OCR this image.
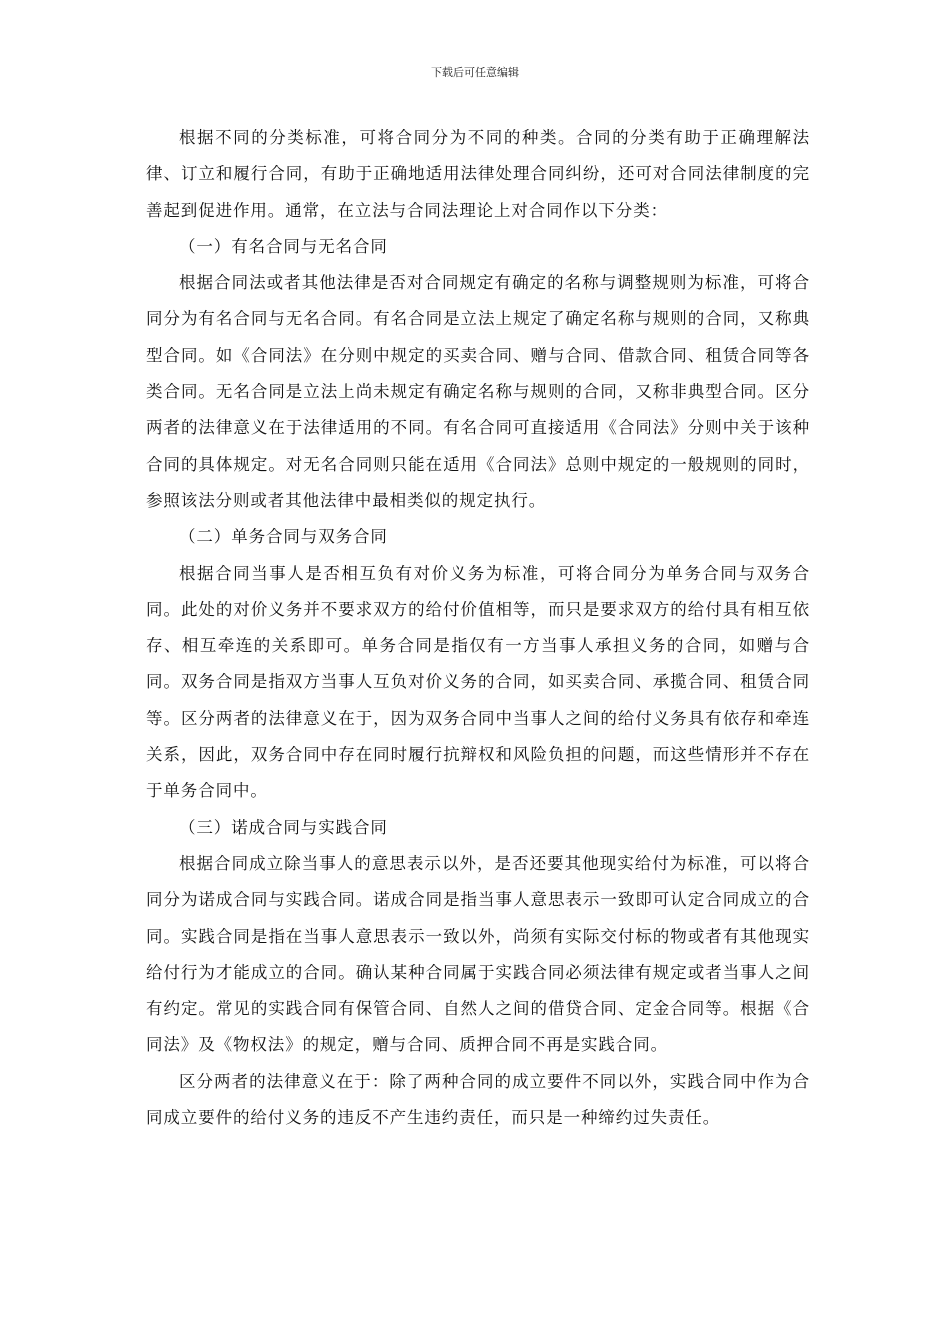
下载后可任意编辑

根据不同的分类标准，可将合同分为不同的种类。合同的分类有助于正确理解法律、订立和履行合同，有助于正确地适用法律处理合同纠纷，还可对合同法律制度的完善起到促进作用。通常，在立法与合同法理论上对合同作以下分类：

（一）有名合同与无名合同

根据合同法或者其他法律是否对合同规定有确定的名称与调整规则为标准，可将合同分为有名合同与无名合同。有名合同是立法上规定了确定名称与规则的合同，又称典型合同。如《合同法》在分则中规定的买卖合同、赠与合同、借款合同、租赁合同等各类合同。无名合同是立法上尚未规定有确定名称与规则的合同，又称非典型合同。区分两者的法律意义在于法律适用的不同。有名合同可直接适用《合同法》分则中关于该种合同的具体规定。对无名合同则只能在适用《合同法》总则中规定的一般规则的同时，参照该法分则或者其他法律中最相类似的规定执行。

（二）单务合同与双务合同

根据合同当事人是否相互负有对价义务为标准，可将合同分为单务合同与双务合同。此处的对价义务并不要求双方的给付价值相等，而只是要求双方的给付具有相互依存、相互牵连的关系即可。单务合同是指仅有一方当事人承担义务的合同，如赠与合同。双务合同是指双方当事人互负对价义务的合同，如买卖合同、承揽合同、租赁合同等。区分两者的法律意义在于，因为双务合同中当事人之间的给付义务具有依存和牵连关系，因此，双务合同中存在同时履行抗辩权和风险负担的问题，而这些情形并不存在于单务合同中。

（三）诺成合同与实践合同

根据合同成立除当事人的意思表示以外，是否还要其他现实给付为标准，可以将合同分为诺成合同与实践合同。诺成合同是指当事人意思表示一致即可认定合同成立的合同。实践合同是指在当事人意思表示一致以外，尚须有实际交付标的物或者有其他现实给付行为才能成立的合同。确认某种合同属于实践合同必须法律有规定或者当事人之间有约定。常见的实践合同有保管合同、自然人之间的借贷合同、定金合同等。根据《合同法》及《物权法》的规定，赠与合同、质押合同不再是实践合同。

区分两者的法律意义在于：除了两种合同的成立要件不同以外，实践合同中作为合同成立要件的给付义务的违反不产生违约责任，而只是一种缔约过失责任。
